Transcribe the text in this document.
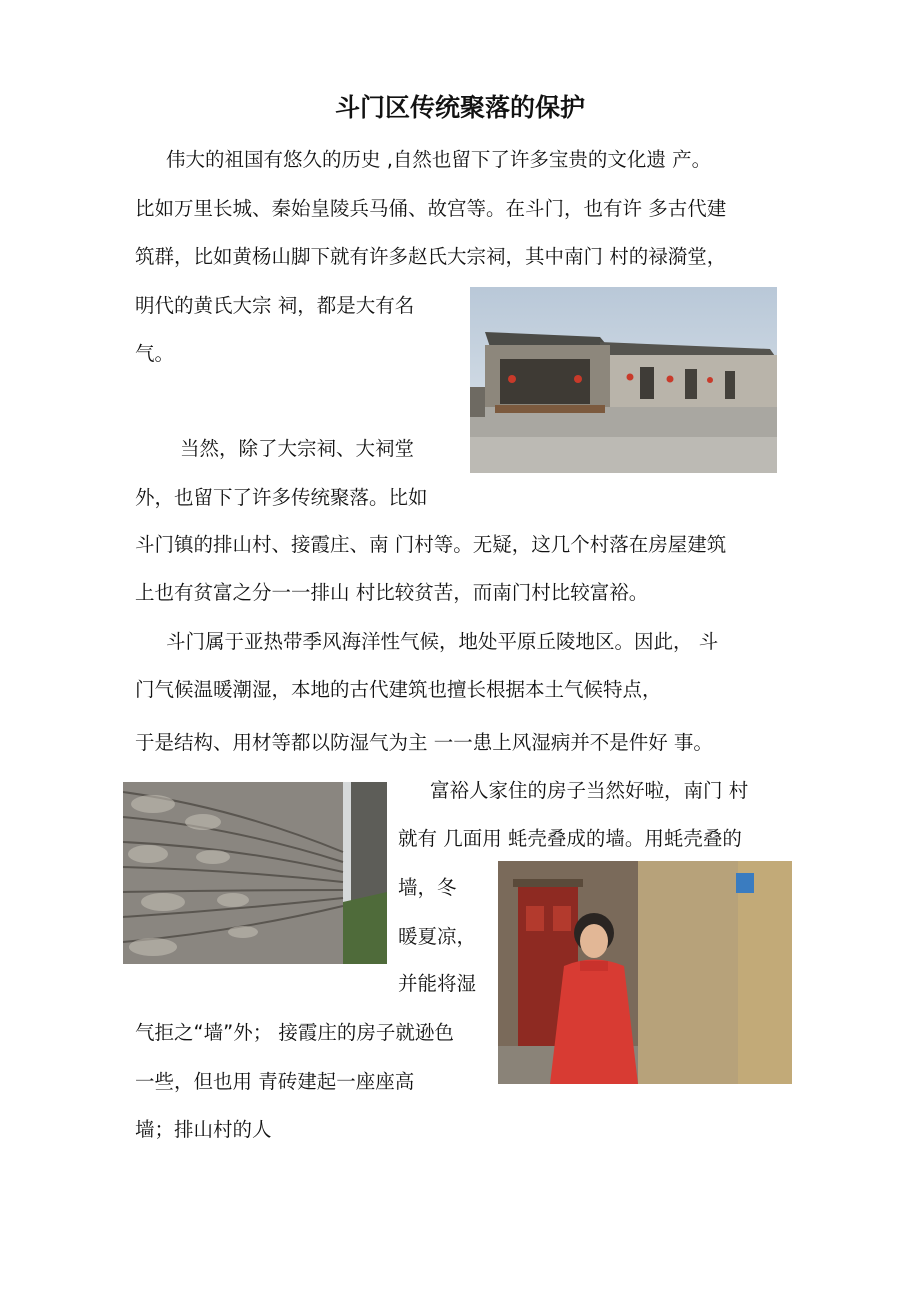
斗门区传统聚落的保护
伟大的祖国有悠久的历史 ,自然也留下了许多宝贵的文化遗 产。
比如万里长城、秦始皇陵兵马俑、故宫等。在斗门，也有许 多古代建
筑群，比如黄杨山脚下就有许多赵氏大宗祠，其中南门 村的禄漪堂，
明代的黄氏大宗 祠，都是大有名
气。
当然，除了大宗祠、大祠堂
外，也留下了许多传统聚落。比如
斗门镇的排山村、接霞庄、南 门村等。无疑，这几个村落在房屋建筑
上也有贫富之分一一排山 村比较贫苦，而南门村比较富裕。
斗门属于亚热带季风海洋性气候，地处平原丘陵地区。因此， 斗
门气候温暖潮湿，本地的古代建筑也擅长根据本土气候特点，
于是结构、用材等都以防湿气为主 一一患上风湿病并不是件好 事。
富裕人家住的房子当然好啦，南门 村
就有 几面用 蚝壳叠成的墙。用蚝壳叠的
墙，冬
暖夏凉，
并能将湿
气拒之“墙”外； 接霞庄的房子就逊色
一些，但也用 青砖建起一座座高
墙；排山村的人
